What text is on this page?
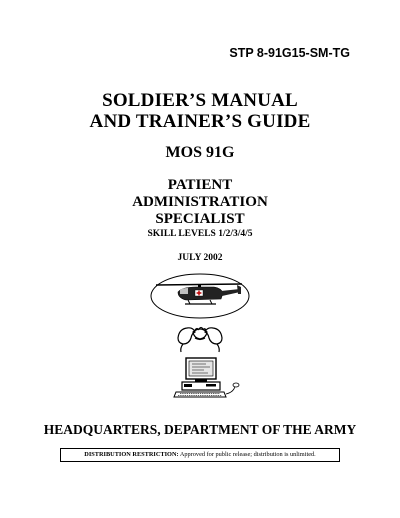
STP 8-91G15-SM-TG
SOLDIER’S MANUAL
AND TRAINER’S GUIDE
MOS 91G
PATIENT
ADMINISTRATION
SPECIALIST
SKILL LEVELS 1/2/3/4/5
JULY 2002
HEADQUARTERS, DEPARTMENT OF THE ARMY
DISTRIBUTION RESTRICTION: Approved for public release; distribution is unlimited.
